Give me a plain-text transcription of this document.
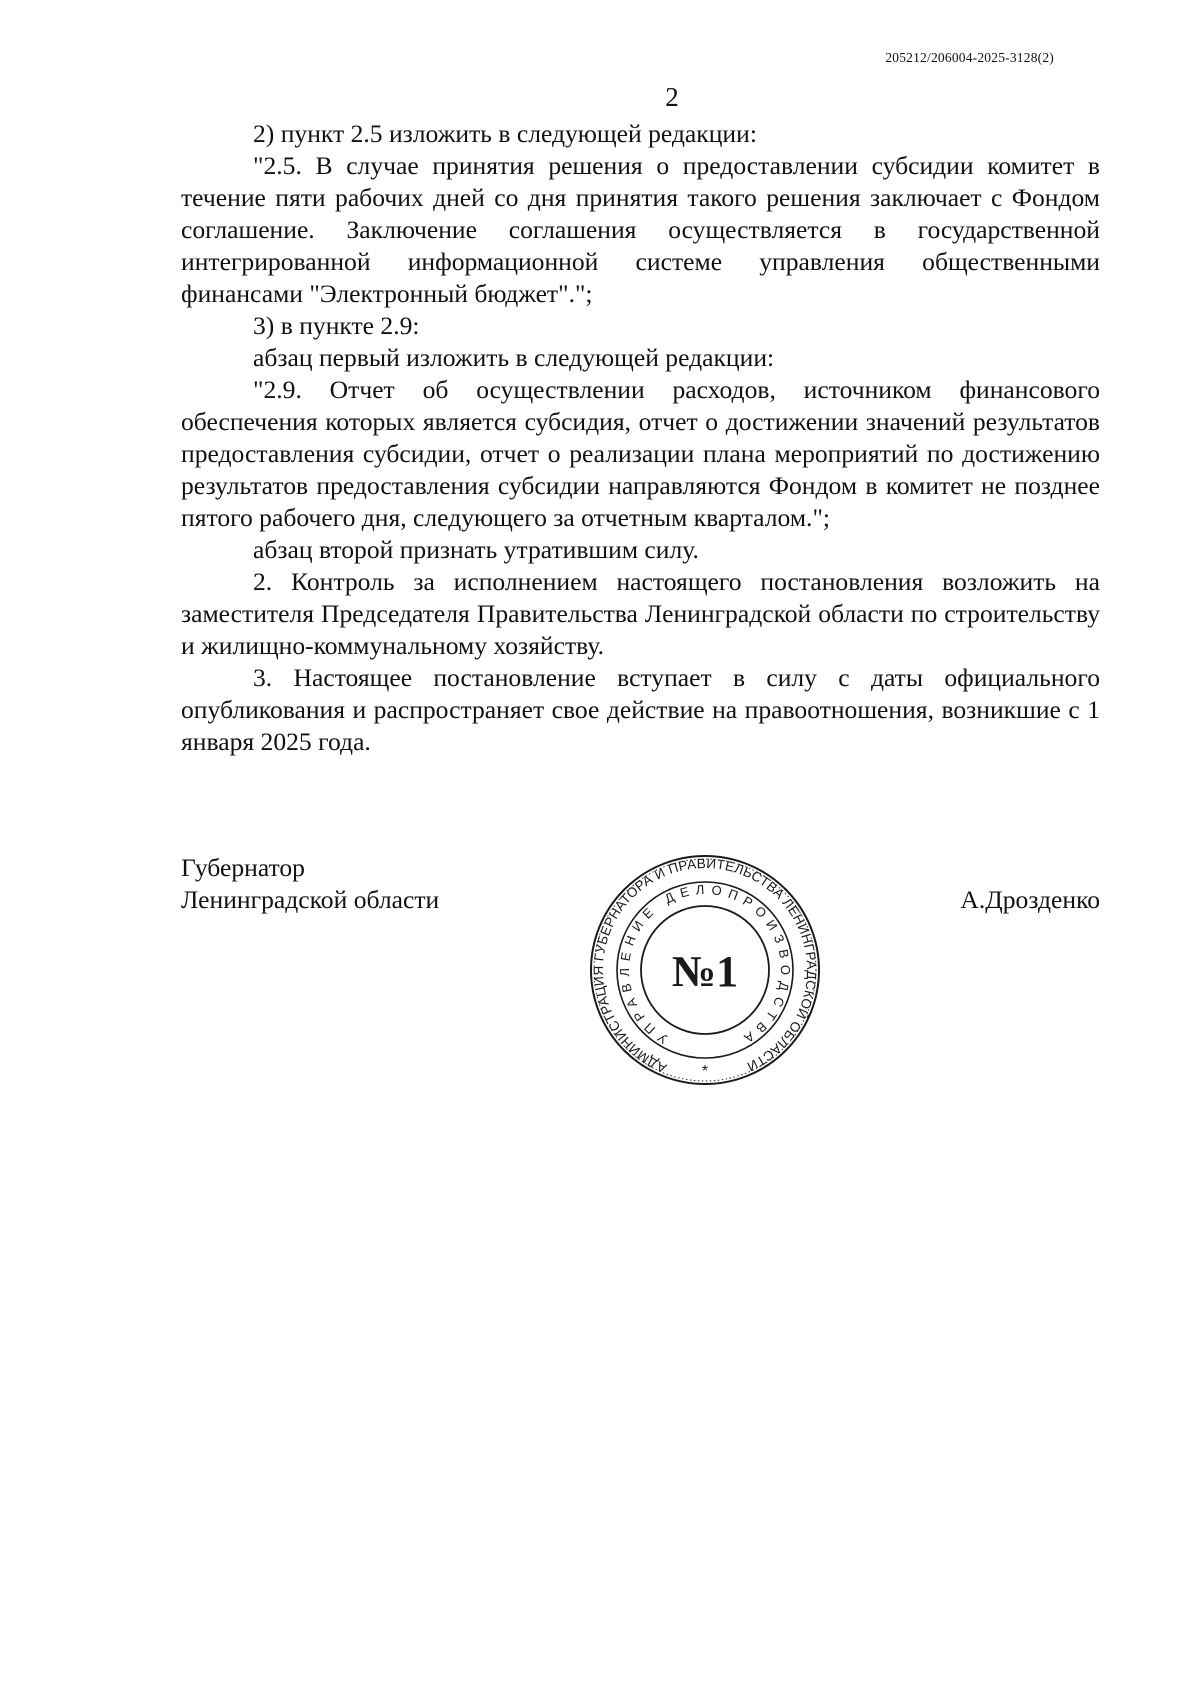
205212/206004-2025-3128(2)
2

2) пункт 2.5 изложить в следующей редакции:

"2.5. В случае принятия решения о предоставлении субсидии комитет в течение пяти рабочих дней со дня принятия такого решения заключает с Фондом соглашение. Заключение соглашения осуществляется в государственной интегрированной информационной системе управления общественными финансами "Электронный бюджет".";

3) в пункте 2.9:

абзац первый изложить в следующей редакции:

"2.9. Отчет об осуществлении расходов, источником финансового обеспечения которых является субсидия, отчет о достижении значений результатов предоставления субсидии, отчет о реализации плана мероприятий по достижению результатов предоставления субсидии направляются Фондом в комитет не позднее пятого рабочего дня, следующего за отчетным кварталом.";

абзац второй признать утратившим силу.

2. Контроль за исполнением настоящего постановления возложить на заместителя Председателя Правительства Ленинградской области по строительству и жилищно-коммунальному хозяйству.

3. Настоящее постановление вступает в силу с даты официального опубликования и распространяет свое действие на правоотношения, возникшие с 1 января 2025 года.

Губернатор
Ленинградской области	А.Дрозденко
АДМИНИСТРАЦИЯ ГУБЕРНАТОРА И ПРАВИТЕЛЬСТВА ЛЕНИНГРАДСКОЙ ОБЛАСТИ
УПРАВЛЕНИЕ ДЕЛОПРОИЗВОДСТВА
№1
*
